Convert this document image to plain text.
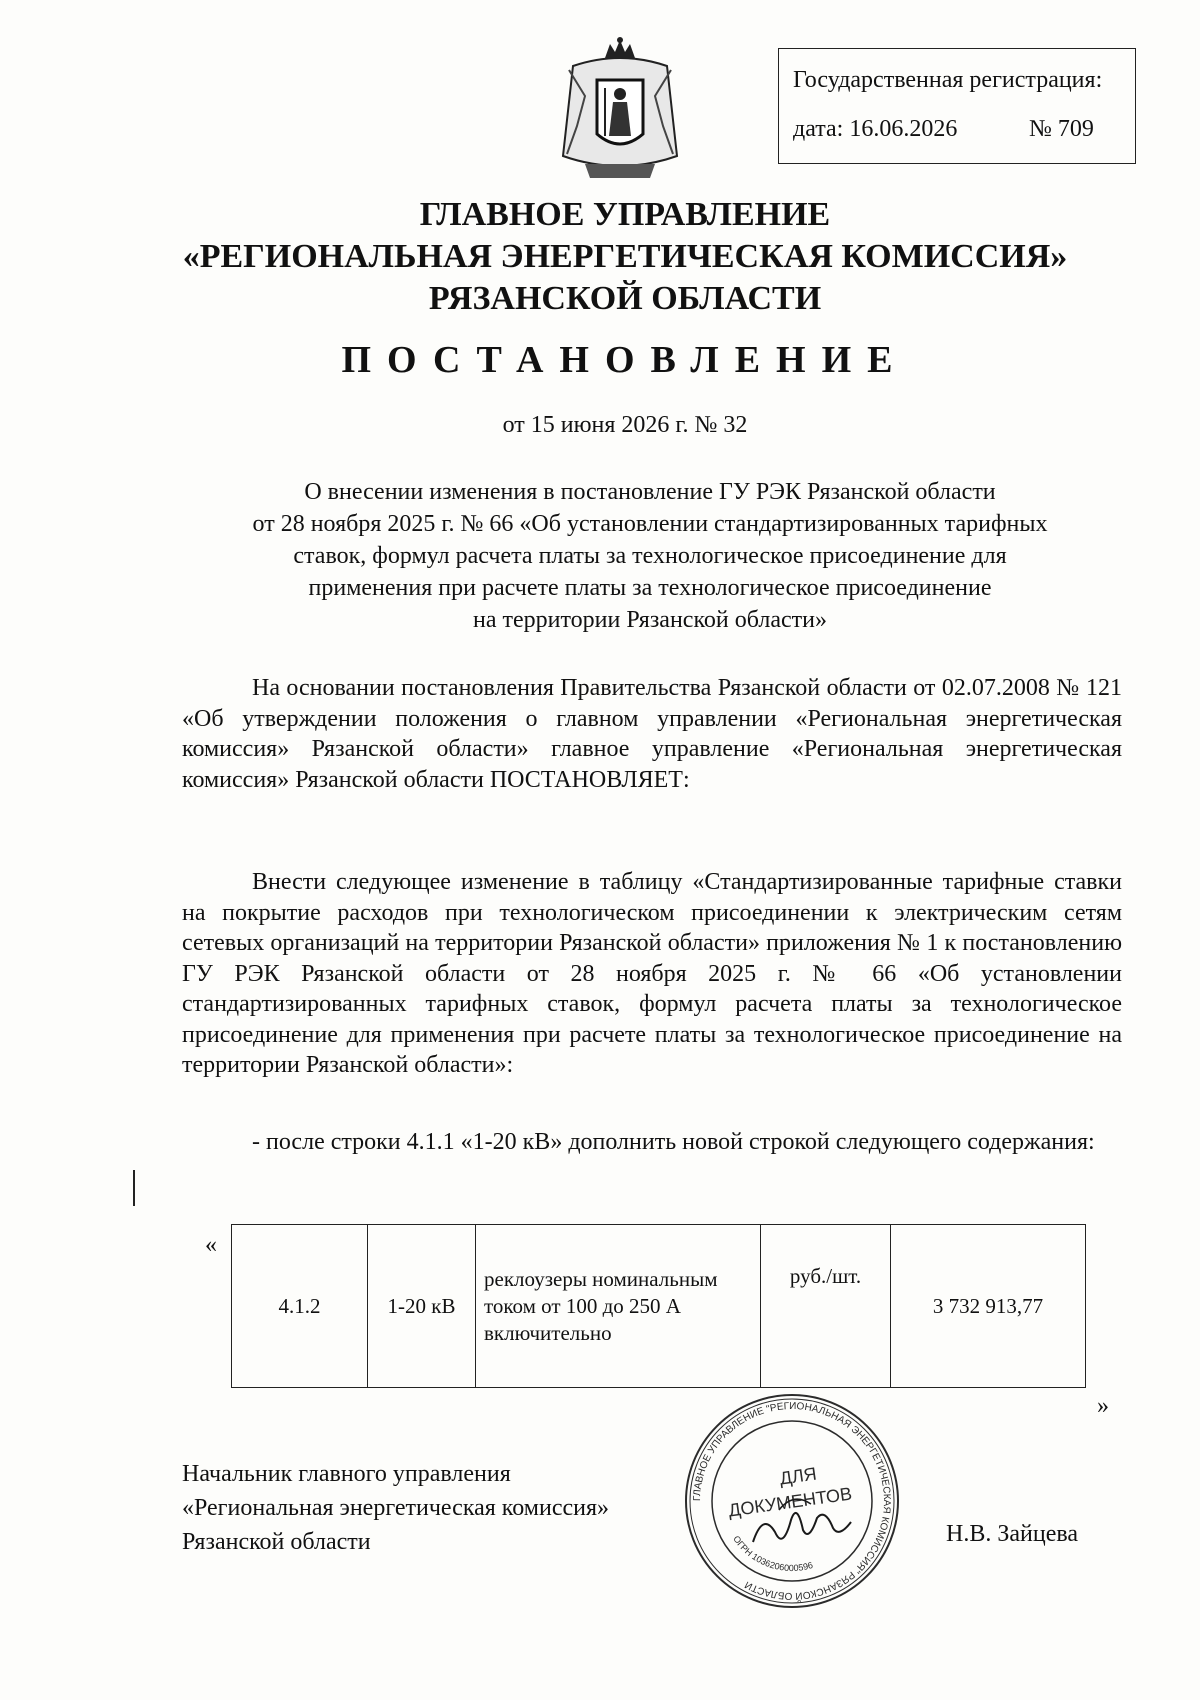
Государственная регистрация:
дата: 16.06.2026	№ 709
ГЛАВНОЕ УПРАВЛЕНИЕ
«РЕГИОНАЛЬНАЯ ЭНЕРГЕТИЧЕСКАЯ КОМИССИЯ»
РЯЗАНСКОЙ ОБЛАСТИ
ПОСТАНОВЛЕНИЕ
от 15 июня 2026 г. № 32
О внесении изменения в постановление ГУ РЭК Рязанской области
от 28 ноября 2025 г. № 66 «Об установлении стандартизированных тарифных
ставок, формул расчета платы за технологическое присоединение для
применения при расчете платы за технологическое присоединение
на территории Рязанской области»
На основании постановления Правительства Рязанской области от 02.07.2008 № 121 «Об утверждении положения о главном управлении «Региональная энергетическая комиссия» Рязанской области» главное управление «Региональная энергетическая комиссия» Рязанской области ПОСТАНОВЛЯЕТ:
Внести следующее изменение в таблицу «Стандартизированные тарифные ставки на покрытие расходов при технологическом присоединении к электрическим сетям сетевых организаций на территории Рязанской области» приложения № 1 к постановлению ГУ РЭК Рязанской области от 28 ноября 2025 г. № 66 «Об установлении стандартизированных тарифных ставок, формул расчета платы за технологическое присоединение для применения при расчете платы за технологическое присоединение на территории Рязанской области»:
- после строки 4.1.1 «1-20 кВ» дополнить новой строкой следующего содержания:
«
4.1.2	1-20 кВ	реклоузеры номинальным током от 100 до 250 А включительно	руб./шт.	3 732 913,77
»
Начальник главного управления
«Региональная энергетическая комиссия»
Рязанской области	Н.В. Зайцева
ГЛАВНОЕ УПРАВЛЕНИЕ "РЕГИОНАЛЬНАЯ ЭНЕРГЕТИЧЕСКАЯ КОМИССИЯ" РЯЗАНСКОЙ ОБЛАСТИ
ОГРН 1036206000596
ДЛЯ
ДОКУМЕНТОВ
